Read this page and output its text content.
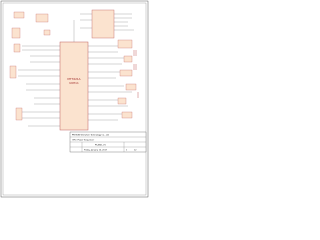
MT7621A
U0H11
PROSUN Shenzhen Technology Co., Ltd
CPU / Power Sequencer
PS-IB01_V1
Friday, January 10, 2017	1	12
